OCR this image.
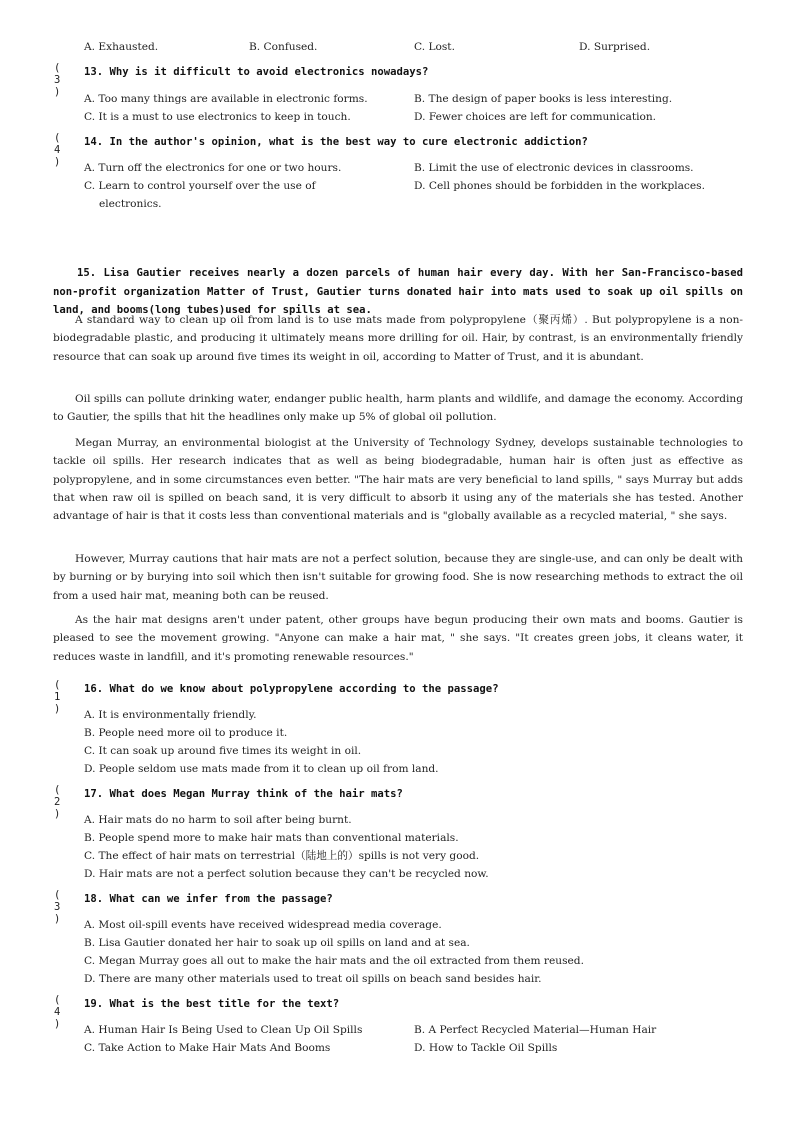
A. Exhausted.	B. Confused.	C. Lost.	D. Surprised.
( 3 )
13. Why is it difficult to avoid electronics nowadays?
A. Too many things are available in electronic forms.	B. The design of paper books is less interesting.
C. It is a must to use electronics to keep in touch.	D. Fewer choices are left for communication.
( 4 )
14. In the author's opinion, what is the best way to cure electronic addiction?
A. Turn off the electronics for one or two hours.	B. Limit the use of electronic devices in classrooms.
C. Learn to control yourself over the use of electronics.
D. Cell phones should be forbidden in the workplaces.
15. Lisa Gautier receives nearly a dozen parcels of human hair every day. With her San-Francisco-based non-profit organization Matter of Trust, Gautier turns donated hair into mats used to soak up oil spills on land, and booms(long tubes)used for spills at sea.
A standard way to clean up oil from land is to use mats made from polypropylene（聚丙烯）. But polypropylene is a non-biodegradable plastic, and producing it ultimately means more drilling for oil. Hair, by contrast, is an environmentally friendly resource that can soak up around five times its weight in oil, according to Matter of Trust, and it is abundant.
Oil spills can pollute drinking water, endanger public health, harm plants and wildlife, and damage the economy. According to Gautier, the spills that hit the headlines only make up 5% of global oil pollution.
Megan Murray, an environmental biologist at the University of Technology Sydney, develops sustainable technologies to tackle oil spills. Her research indicates that as well as being biodegradable, human hair is often just as effective as polypropylene, and in some circumstances even better. "The hair mats are very beneficial to land spills, " says Murray but adds that when raw oil is spilled on beach sand, it is very difficult to absorb it using any of the materials she has tested. Another advantage of hair is that it costs less than conventional materials and is "globally available as a recycled material, " she says.
However, Murray cautions that hair mats are not a perfect solution, because they are single-use, and can only be dealt with by burning or by burying into soil which then isn't suitable for growing food. She is now researching methods to extract the oil from a used hair mat, meaning both can be reused.
As the hair mat designs aren't under patent, other groups have begun producing their own mats and booms. Gautier is pleased to see the movement growing. "Anyone can make a hair mat, " she says. "It creates green jobs, it cleans water, it reduces waste in landfill, and it's promoting renewable resources."
( 1 )
16. What do we know about polypropylene according to the passage?
A. It is environmentally friendly.
B. People need more oil to produce it.
C. It can soak up around five times its weight in oil.
D. People seldom use mats made from it to clean up oil from land.
( 2 )
17. What does Megan Murray think of the hair mats?
A. Hair mats do no harm to soil after being burnt.
B. People spend more to make hair mats than conventional materials.
C. The effect of hair mats on terrestrial（陆地上的）spills is not very good.
D. Hair mats are not a perfect solution because they can't be recycled now.
( 3 )
18. What can we infer from the passage?
A. Most oil-spill events have received widespread media coverage.
B. Lisa Gautier donated her hair to soak up oil spills on land and at sea.
C. Megan Murray goes all out to make the hair mats and the oil extracted from them reused.
D. There are many other materials used to treat oil spills on beach sand besides hair.
( 4 )
19. What is the best title for the text?
A. Human Hair Is Being Used to Clean Up Oil Spills	B. A Perfect Recycled Material—Human Hair
C. Take Action to Make Hair Mats And Booms	D. How to Tackle Oil Spills
